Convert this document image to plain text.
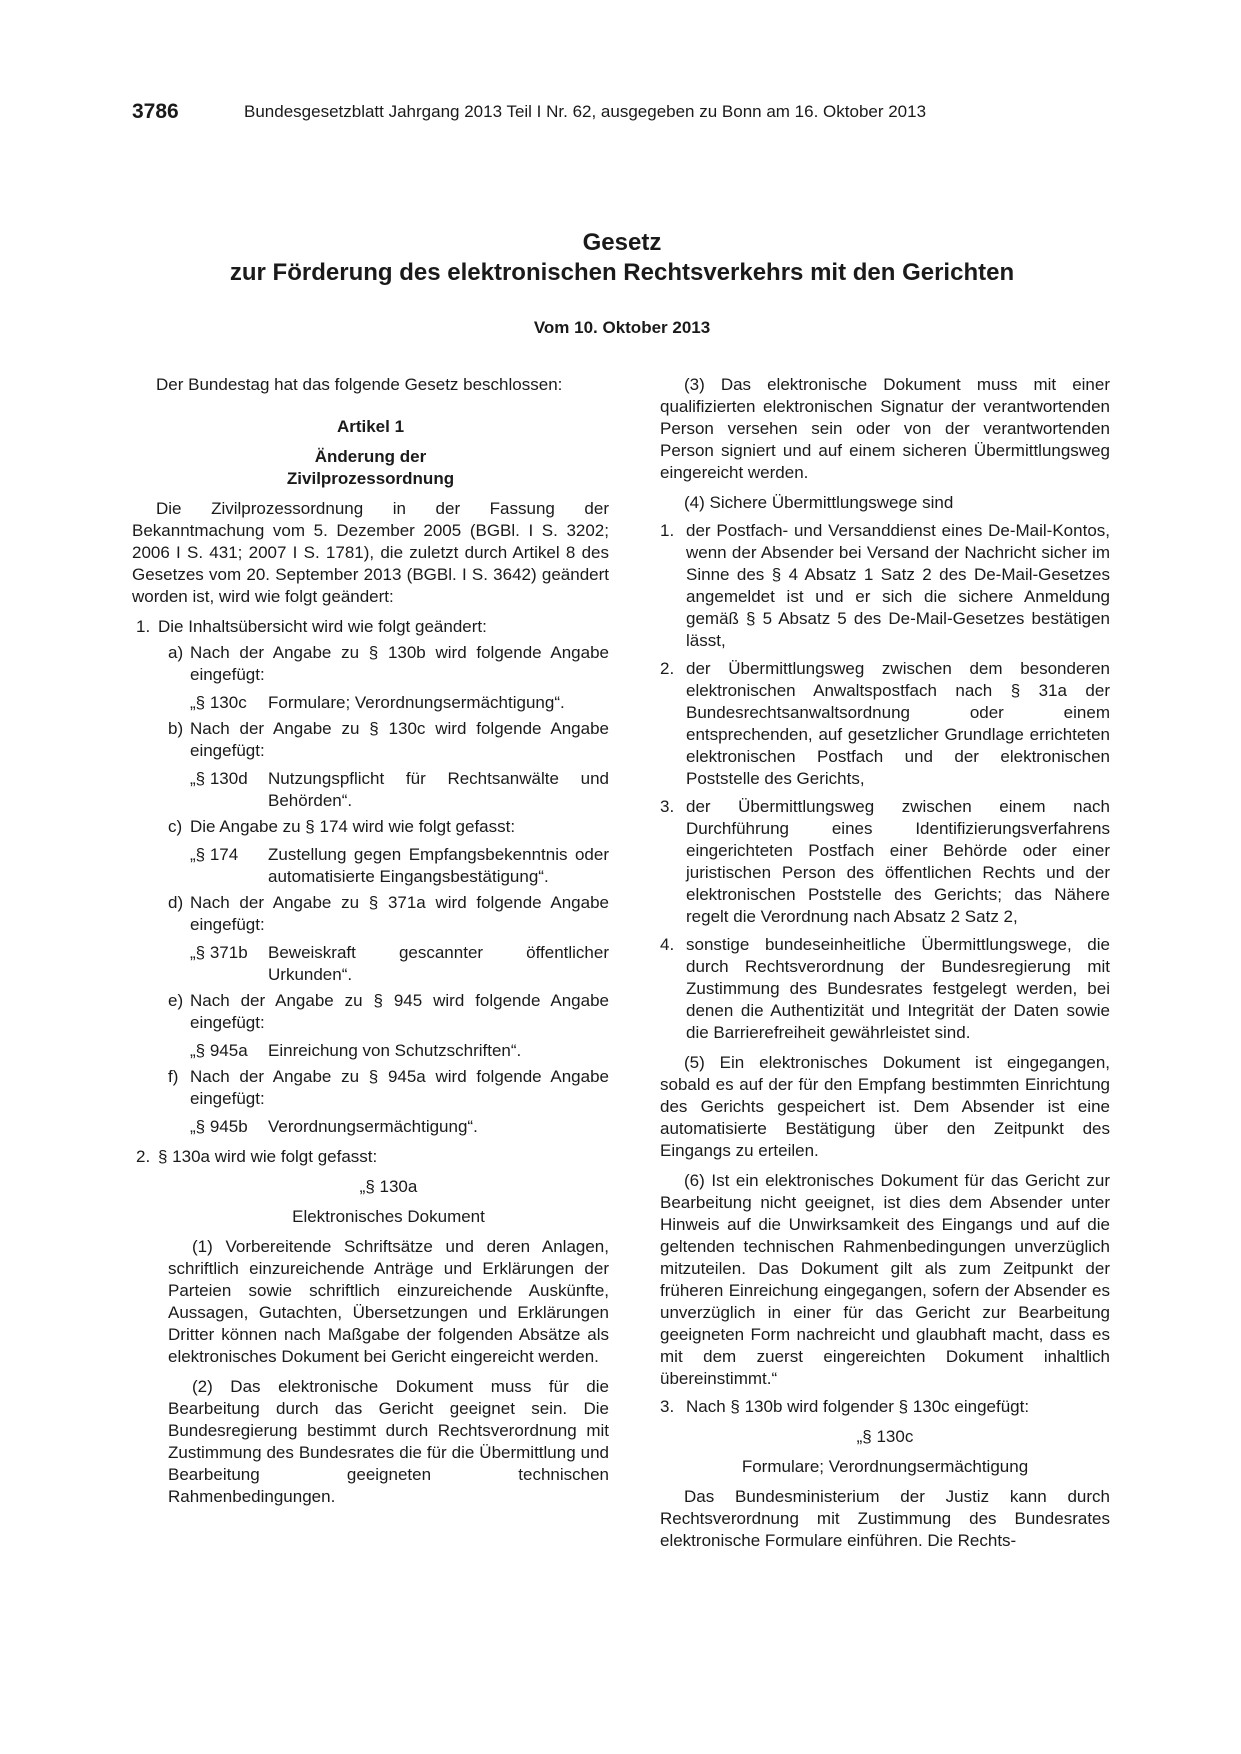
3786	Bundesgesetzblatt Jahrgang 2013 Teil I Nr. 62, ausgegeben zu Bonn am 16. Oktober 2013
Gesetz
zur Förderung des elektronischen Rechtsverkehrs mit den Gerichten
Vom 10. Oktober 2013

Der Bundestag hat das folgende Gesetz beschlossen:

Artikel 1

Änderung der

Zivilprozessordnung

Die Zivilprozessordnung in der Fassung der Bekanntmachung vom 5. Dezember 2005 (BGBl. I S. 3202; 2006 I S. 431; 2007 I S. 1781), die zuletzt durch Artikel 8 des Gesetzes vom 20. September 2013 (BGBl. I S. 3642) geändert worden ist, wird wie folgt geändert:

1. Die Inhaltsübersicht wird wie folgt geändert:
a) Nach der Angabe zu § 130b wird folgende Angabe eingefügt:
„§ 130c Formulare; Verordnungsermächtigung“.
b) Nach der Angabe zu § 130c wird folgende Angabe eingefügt:
„§ 130d Nutzungspflicht für Rechtsanwälte und Behörden“.
c) Die Angabe zu § 174 wird wie folgt gefasst:
„§ 174 Zustellung gegen Empfangsbekenntnis oder automatisierte Eingangsbestätigung“.
d) Nach der Angabe zu § 371a wird folgende Angabe eingefügt:
„§ 371b Beweiskraft gescannter öffentlicher Urkunden“.
e) Nach der Angabe zu § 945 wird folgende Angabe eingefügt:
„§ 945a Einreichung von Schutzschriften“.
f) Nach der Angabe zu § 945a wird folgende Angabe eingefügt:
„§ 945b Verordnungsermächtigung“.
2. § 130a wird wie folgt gefasst:

„§ 130a

Elektronisches Dokument

(1) Vorbereitende Schriftsätze und deren Anlagen, schriftlich einzureichende Anträge und Erklärungen der Parteien sowie schriftlich einzureichende Auskünfte, Aussagen, Gutachten, Übersetzungen und Erklärungen Dritter können nach Maßgabe der folgenden Absätze als elektronisches Dokument bei Gericht eingereicht werden.

(2) Das elektronische Dokument muss für die Bearbeitung durch das Gericht geeignet sein. Die Bundesregierung bestimmt durch Rechtsverordnung mit Zustimmung des Bundesrates die für die Übermittlung und Bearbeitung geeigneten technischen Rahmenbedingungen.

(3) Das elektronische Dokument muss mit einer qualifizierten elektronischen Signatur der verantwortenden Person versehen sein oder von der verantwortenden Person signiert und auf einem sicheren Übermittlungsweg eingereicht werden.

(4) Sichere Übermittlungswege sind

1. der Postfach- und Versanddienst eines De-Mail-Kontos, wenn der Absender bei Versand der Nachricht sicher im Sinne des § 4 Absatz 1 Satz 2 des De-Mail-Gesetzes angemeldet ist und er sich die sichere Anmeldung gemäß § 5 Absatz 5 des De-Mail-Gesetzes bestätigen lässt,
2. der Übermittlungsweg zwischen dem besonderen elektronischen Anwaltspostfach nach § 31a der Bundesrechtsanwaltsordnung oder einem entsprechenden, auf gesetzlicher Grundlage errichteten elektronischen Postfach und der elektronischen Poststelle des Gerichts,
3. der Übermittlungsweg zwischen einem nach Durchführung eines Identifizierungsverfahrens eingerichteten Postfach einer Behörde oder einer juristischen Person des öffentlichen Rechts und der elektronischen Poststelle des Gerichts; das Nähere regelt die Verordnung nach Absatz 2 Satz 2,
4. sonstige bundeseinheitliche Übermittlungswege, die durch Rechtsverordnung der Bundesregierung mit Zustimmung des Bundesrates festgelegt werden, bei denen die Authentizität und Integrität der Daten sowie die Barrierefreiheit gewährleistet sind.

(5) Ein elektronisches Dokument ist eingegangen, sobald es auf der für den Empfang bestimmten Einrichtung des Gerichts gespeichert ist. Dem Absender ist eine automatisierte Bestätigung über den Zeitpunkt des Eingangs zu erteilen.

(6) Ist ein elektronisches Dokument für das Gericht zur Bearbeitung nicht geeignet, ist dies dem Absender unter Hinweis auf die Unwirksamkeit des Eingangs und auf die geltenden technischen Rahmenbedingungen unverzüglich mitzuteilen. Das Dokument gilt als zum Zeitpunkt der früheren Einreichung eingegangen, sofern der Absender es unverzüglich in einer für das Gericht zur Bearbeitung geeigneten Form nachreicht und glaubhaft macht, dass es mit dem zuerst eingereichten Dokument inhaltlich übereinstimmt.“

3. Nach § 130b wird folgender § 130c eingefügt:

„§ 130c

Formulare; Verordnungsermächtigung

Das Bundesministerium der Justiz kann durch Rechtsverordnung mit Zustimmung des Bundesrates elektronische Formulare einführen. Die Rechts-
